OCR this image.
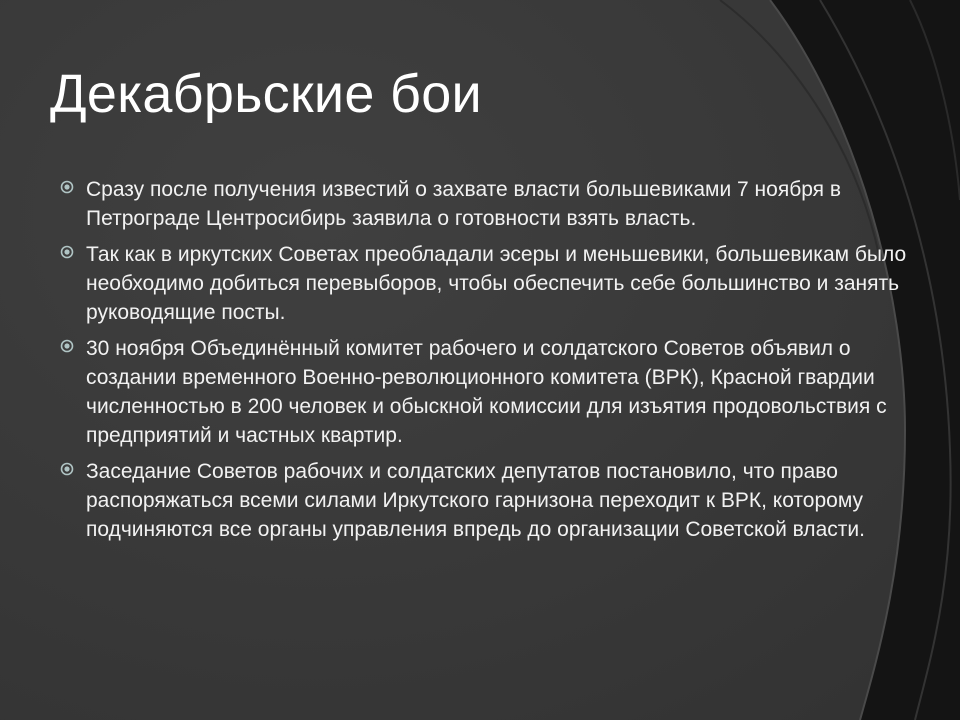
Декабрьские бои
Сразу после получения известий о захвате власти большевиками 7 ноября в Петрограде Центросибирь заявила о готовности взять власть.
Так как в иркутских Советах преобладали эсеры и меньшевики, большевикам было необходимо добиться перевыборов, чтобы обеспечить себе большинство и занять руководящие посты.
30 ноября Объединённый комитет рабочего и солдатского Советов объявил о создании временного Военно-революционного комитета (ВРК), Красной гвардии численностью в 200 человек и обыскной комиссии для изъятия продовольствия с предприятий и частных квартир.
Заседание Советов рабочих и солдатских депутатов постановило, что право распоряжаться всеми силами Иркутского гарнизона переходит к ВРК, которому подчиняются все органы управления впредь до организации Советской власти.
